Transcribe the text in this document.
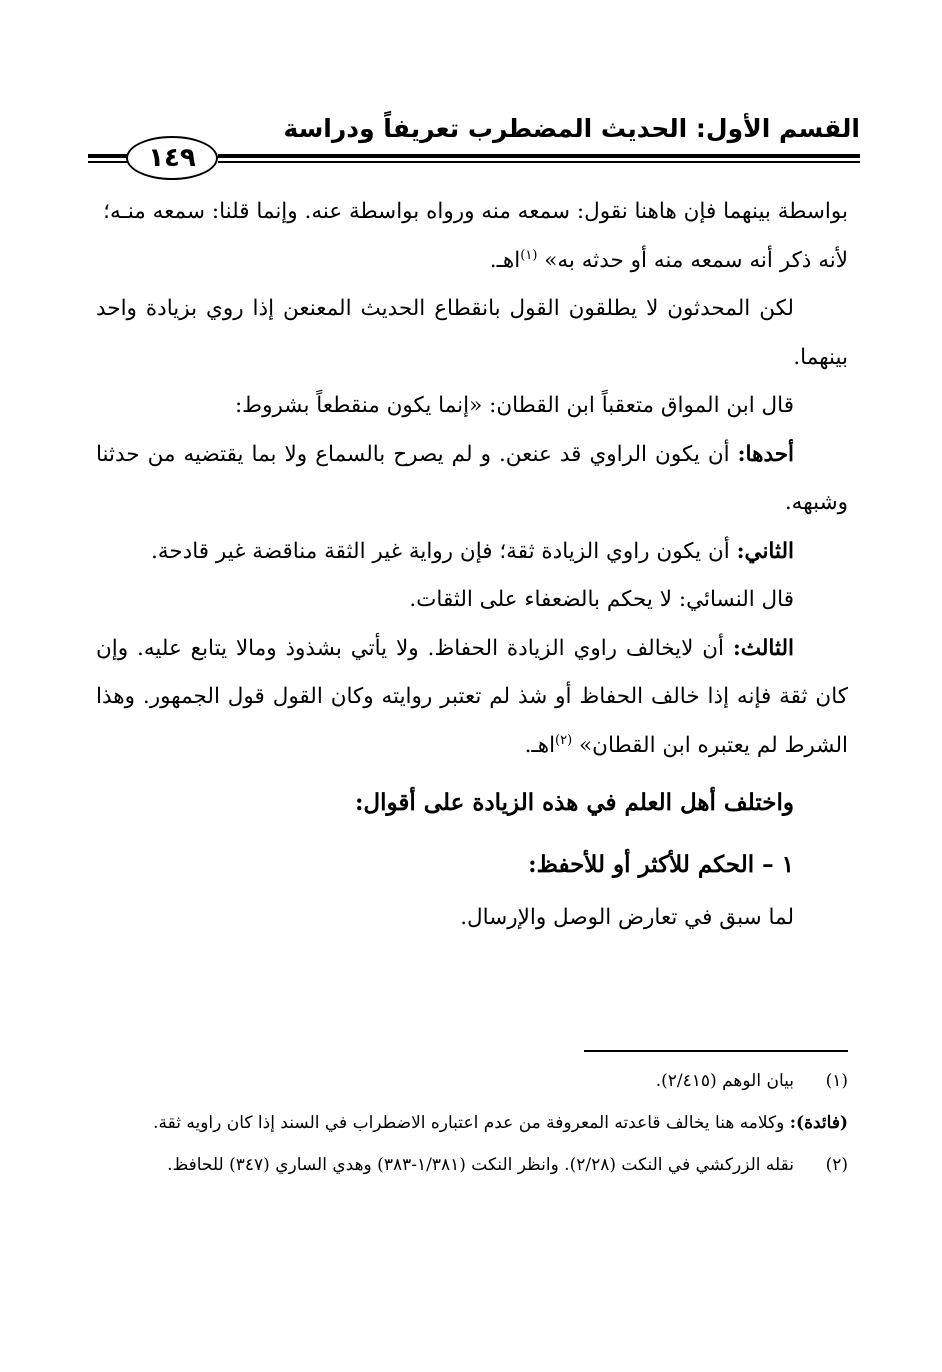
القسم الأول: الحديث المضطرب تعريفاً ودراسة
١٤٩

بواسطة بينهما فإن هاهنا نقول: سمعه منه ورواه بواسطة عنه. وإنما قلنا: سمعه منـه؛
لأنه ذكر أنه سمعه منه أو حدثه به» $^{(١)}$اهـ.

لكن المحدثون لا يطلقون القول بانقطاع الحديث المعنعن إذا روي بزيادة واحد بينهما.

قال ابن المواق متعقباً ابن القطان: «إنما يكون منقطعاً بشروط:

أحدها: أن يكون الراوي قد عنعن. و لم يصرح بالسماع ولا بما يقتضيه من حدثنا وشبهه.

الثاني: أن يكون راوي الزيادة ثقة؛ فإن رواية غير الثقة مناقضة غير قادحة.

قال النسائي: لا يحكم بالضعفاء على الثقات.

الثالث: أن لايخالف راوي الزيادة الحفاظ. ولا يأتي بشذوذ ومالا يتابع عليه. وإن كان ثقة فإنه إذا خالف الحفاظ أو شذ لم تعتبر روايته وكان القول قول الجمهور. وهذا الشرط لم يعتبره ابن القطان» $^{(٢)}$اهـ.

واختلف أهل العلم في هذه الزيادة على أقوال:

١ – الحكم للأكثر أو للأحفظ:

لما سبق في تعارض الوصل والإرسال.

(١)
بيان الوهم (٢/٤١٥).

(فائدة): وكلامه هنا يخالف قاعدته المعروفة من عدم اعتباره الاضطراب في السند إذا كان راويه ثقة.

(٢)
نقله الزركشي في النكت (٢/٢٨). وانظر النكت (١/٣٨١-٣٨٣) وهدي الساري (٣٤٧) للحافظ.
